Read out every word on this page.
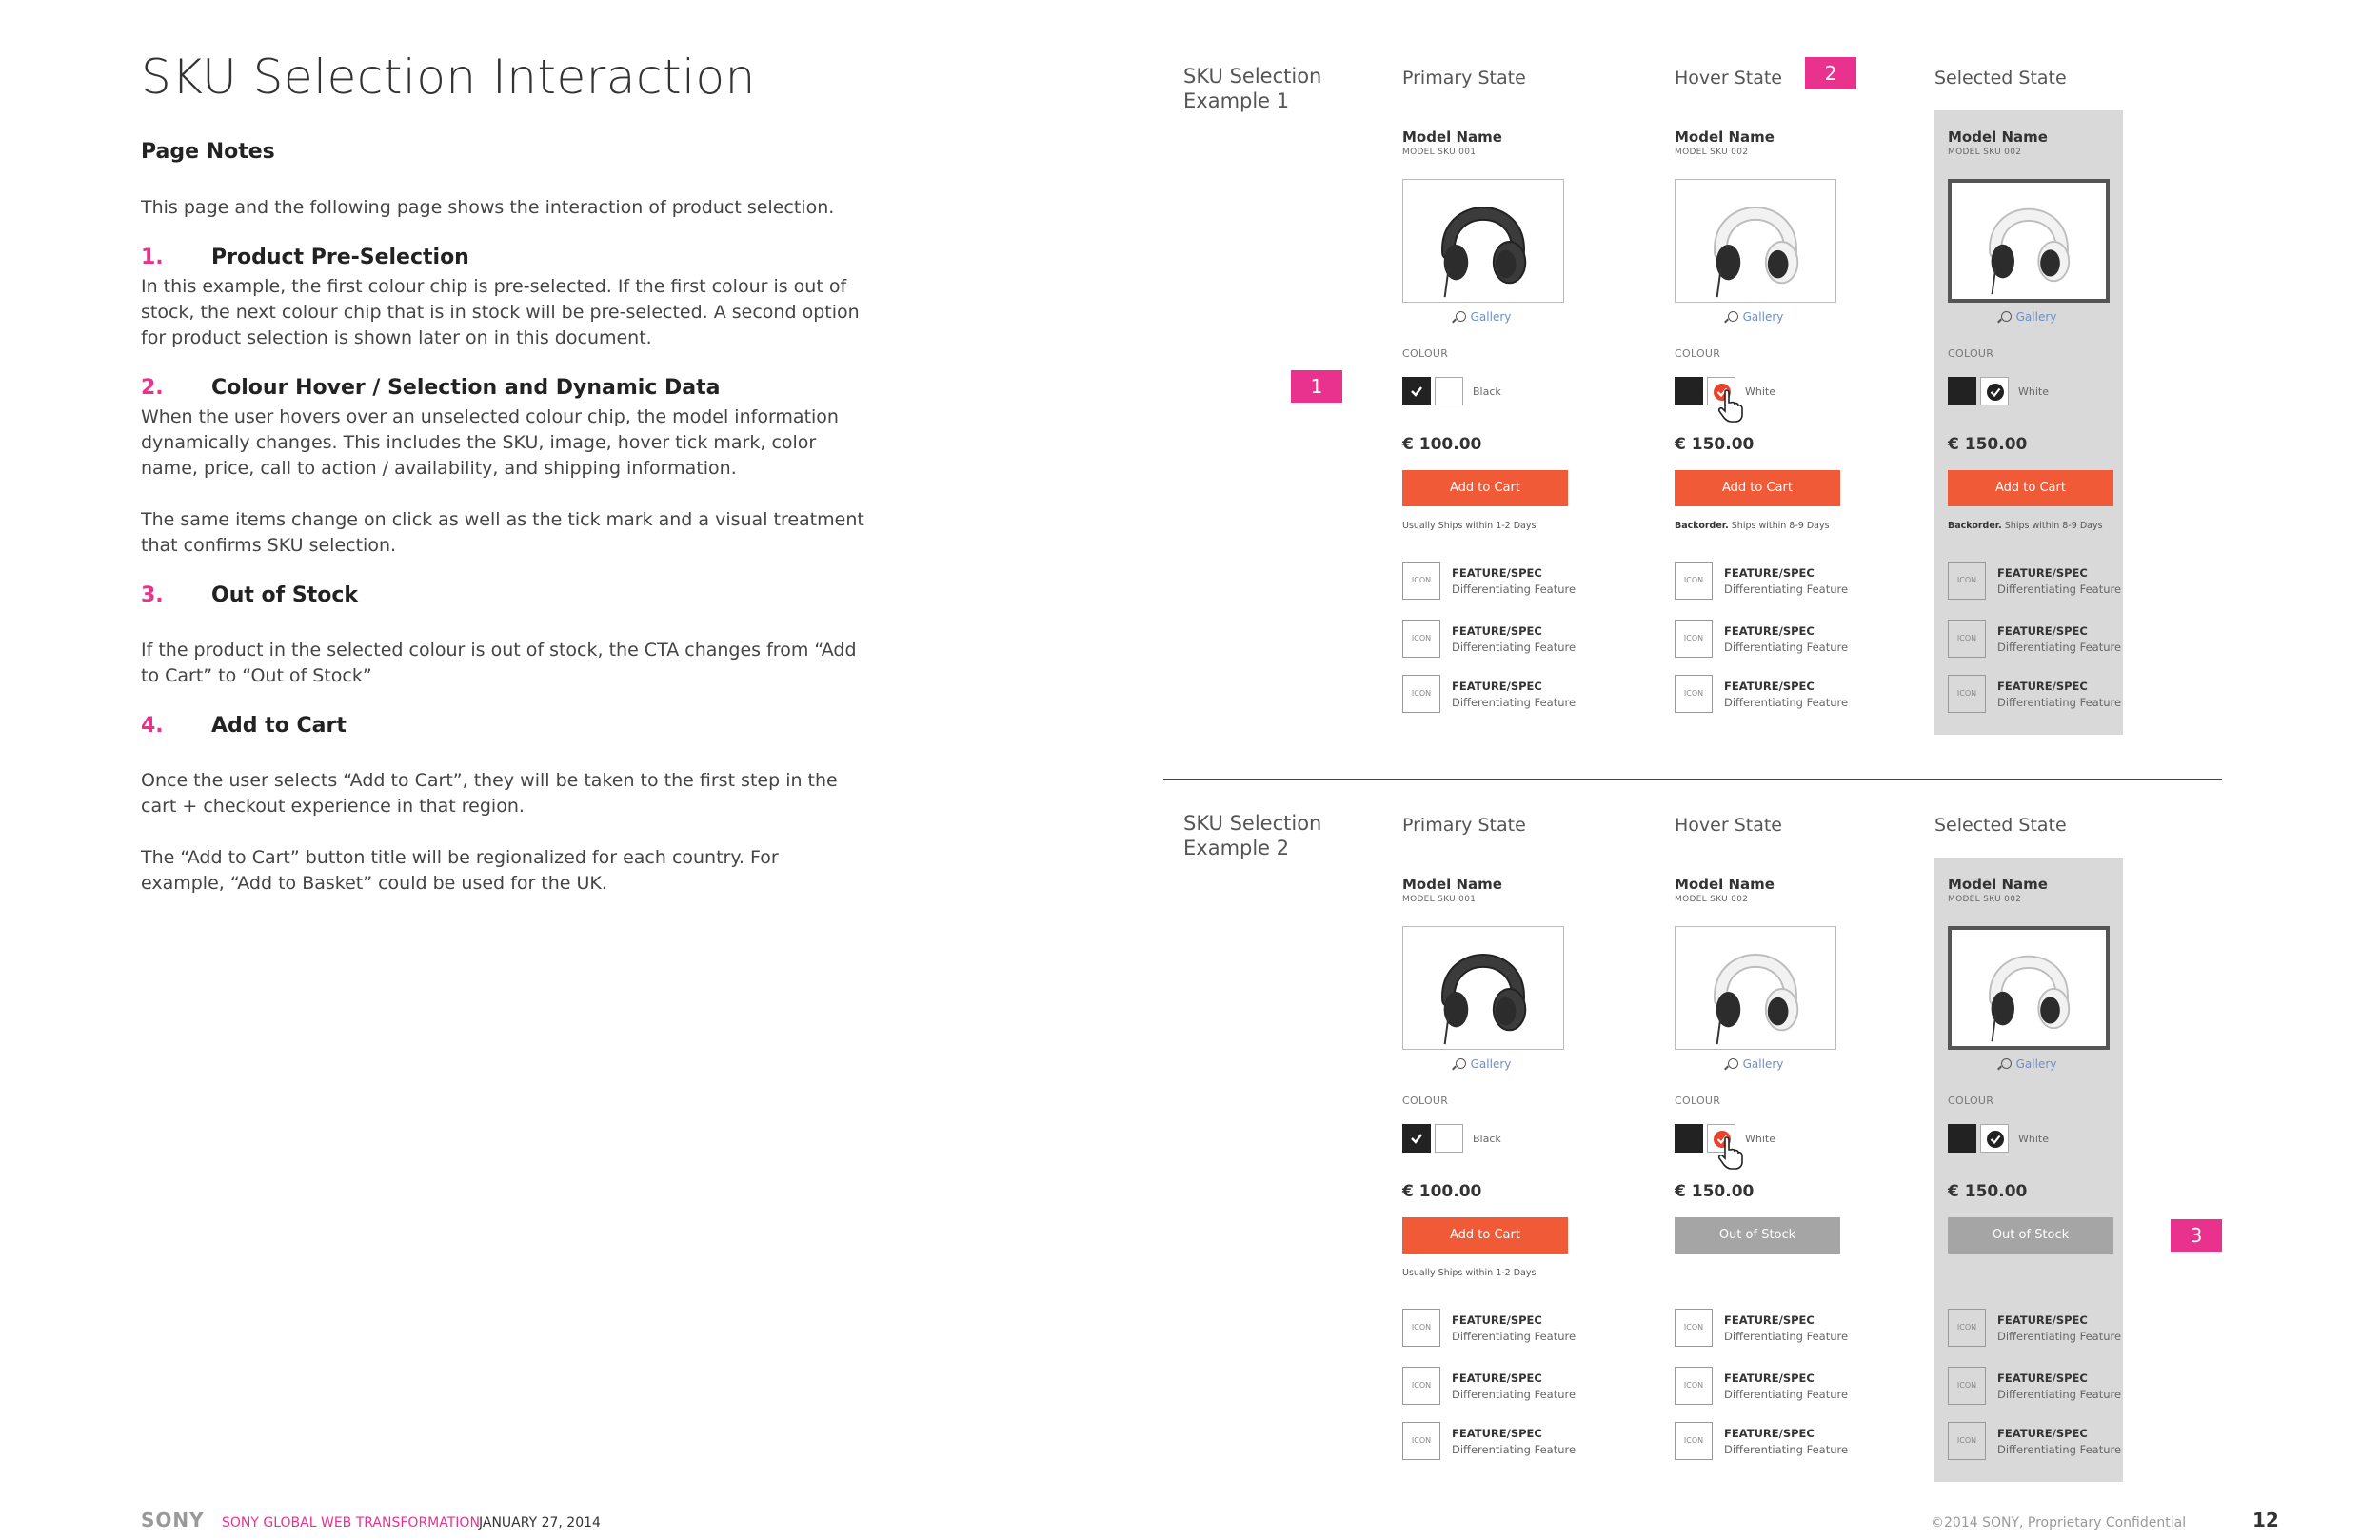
SKU Selection Interaction
Page Notes

This page and the following page shows the interaction of product selection.

1.	Product Pre-Selection

In this example, the first colour chip is pre-selected. If the first colour is out of stock, the next colour chip that is in stock will be pre-selected. A second option for product selection is shown later on in this document.

2.	Colour Hover / Selection and Dynamic Data

When the user hovers over an unselected colour chip, the model information dynamically changes. This includes the SKU, image, hover tick mark, color name, price, call to action / availability, and shipping information.

The same items change on click as well as the tick mark and a visual treatment that confirms SKU selection.

3.	Out of Stock

If the product in the selected colour is out of stock, the CTA changes from “Add to Cart” to “Out of Stock”

4.	Add to Cart

Once the user selects “Add to Cart”, they will be taken to the first step in the cart + checkout experience in that region.

The “Add to Cart” button title will be regionalized for each country. For example, “Add to Basket” could be used for the UK.

SKU Selection
Example 1
Primary State
Model Name
MODEL SKU 001
Gallery
COLOUR
Black
€ 100.00
Add to Cart
Usually Ships within 1-2 Days
ICON
FEATURE/SPEC
Differentiating Feature
ICON
FEATURE/SPEC
Differentiating Feature
ICON
FEATURE/SPEC
Differentiating Feature
Hover State
Model Name
MODEL SKU 002
Gallery
COLOUR
White
€ 150.00
Add to Cart
Backorder. Ships within 8-9 Days
ICON
FEATURE/SPEC
Differentiating Feature
ICON
FEATURE/SPEC
Differentiating Feature
ICON
FEATURE/SPEC
Differentiating Feature
Selected State
Model Name
MODEL SKU 002
Gallery
COLOUR
White
€ 150.00
Add to Cart
Backorder. Ships within 8-9 Days
ICON
FEATURE/SPEC
Differentiating Feature
ICON
FEATURE/SPEC
Differentiating Feature
ICON
FEATURE/SPEC
Differentiating Feature
SKU Selection
Example 2
Primary State
Model Name
MODEL SKU 001
Gallery
COLOUR
Black
€ 100.00
Add to Cart
Usually Ships within 1-2 Days
ICON
FEATURE/SPEC
Differentiating Feature
ICON
FEATURE/SPEC
Differentiating Feature
ICON
FEATURE/SPEC
Differentiating Feature
Hover State
Model Name
MODEL SKU 002
Gallery
COLOUR
White
€ 150.00
Out of Stock
ICON
FEATURE/SPEC
Differentiating Feature
ICON
FEATURE/SPEC
Differentiating Feature
ICON
FEATURE/SPEC
Differentiating Feature
Selected State
Model Name
MODEL SKU 002
Gallery
COLOUR
White
€ 150.00
Out of Stock
ICON
FEATURE/SPEC
Differentiating Feature
ICON
FEATURE/SPEC
Differentiating Feature
ICON
FEATURE/SPEC
Differentiating Feature
1
2
3
SONY SONY GLOBAL WEB TRANSFORMATION JANUARY 27, 2014	©2014 SONY, Proprietary Confidential	12
